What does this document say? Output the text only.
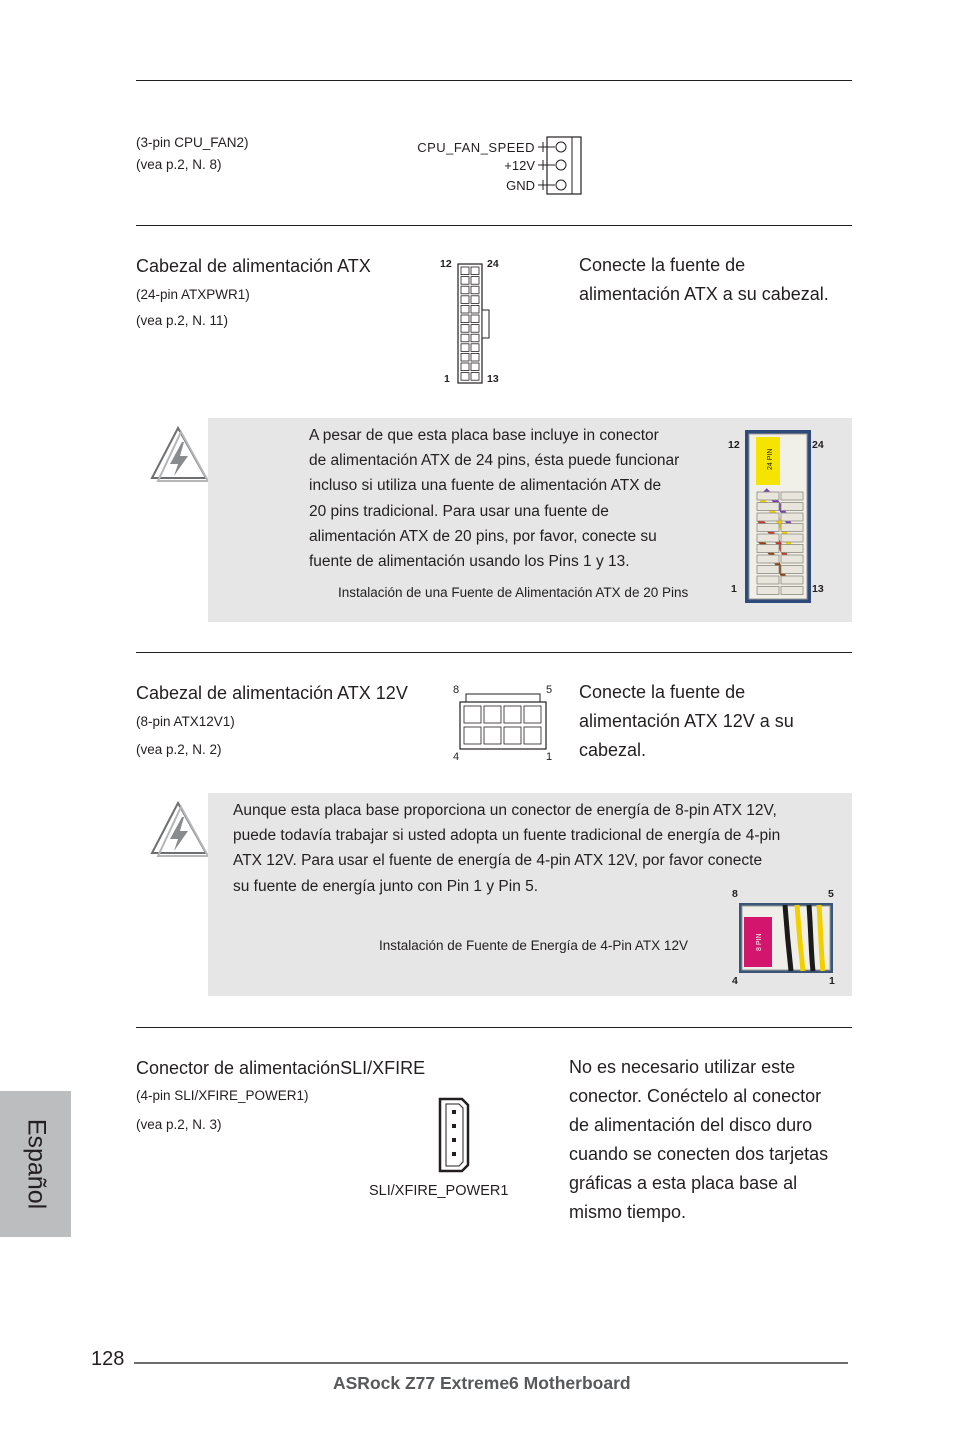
(3-pin CPU_FAN2)
(vea p.2, N. 8)
CPU_FAN_SPEED
+12V
GND
Cabezal de alimentación ATX
(24-pin ATXPWR1)
(vea p.2, N. 11)
Conecte la fuente de
alimentación ATX a su cabezal.
12	24
1	13
A pesar de que esta placa base incluye in conector
de alimentación ATX de 24 pins, ésta puede funcionar
incluso si utiliza una fuente de alimentación ATX de
20 pins tradicional. Para usar una fuente de
alimentación ATX de 20 pins, por favor, conecte su
fuente de alimentación usando los Pins 1 y 13.
Instalación de una Fuente de Alimentación ATX de 20 Pins
12	24
1	13
24 PIN
Cabezal de alimentación ATX 12V
(8-pin ATX12V1)
(vea p.2, N. 2)
Conecte la fuente de
alimentación ATX 12V a su
cabezal.
8	5
4	1
Aunque esta placa base proporciona un conector de energía de 8-pin ATX 12V,
puede todavía trabajar si usted adopta un fuente tradicional de energía de 4-pin
ATX 12V. Para usar el fuente de energía de 4-pin ATX 12V, por favor conecte
su fuente de energía junto con Pin 1 y Pin 5.
Instalación de Fuente de Energía de 4-Pin ATX 12V
8	5
4	1
8 PIN
Conector de alimentaciónSLI/XFIRE
(4-pin SLI/XFIRE_POWER1)
(vea p.2, N. 3)
No es necesario utilizar este
conector. Conéctelo al conector
de alimentación del disco duro
cuando se conecten dos tarjetas
gráficas a esta placa base al
mismo tiempo.
SLI/XFIRE_POWER1
Español
128
ASRock Z77 Extreme6 Motherboard
